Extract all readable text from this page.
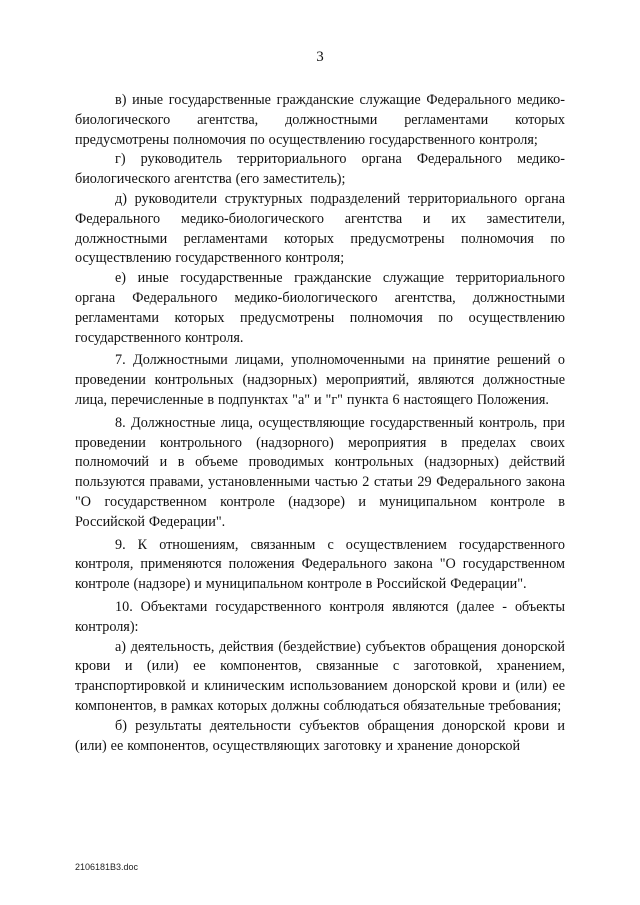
3

в) иные государственные гражданские служащие Федерального медико-биологического агентства, должностными регламентами которых предусмотрены полномочия по осуществлению государственного контроля;

г) руководитель территориального органа Федерального медико-биологического агентства (его заместитель);

д) руководители структурных подразделений территориального органа Федерального медико-биологического агентства и их заместители, должностными регламентами которых предусмотрены полномочия по осуществлению государственного контроля;

е) иные государственные гражданские служащие территориального органа Федерального медико-биологического агентства, должностными регламентами которых предусмотрены полномочия по осуществлению государственного контроля.

7. Должностными лицами, уполномоченными на принятие решений о проведении контрольных (надзорных) мероприятий, являются должностные лица, перечисленные в подпунктах "а" и "г" пункта 6 настоящего Положения.

8. Должностные лица, осуществляющие государственный контроль, при проведении контрольного (надзорного) мероприятия в пределах своих полномочий и в объеме проводимых контрольных (надзорных) действий пользуются правами, установленными частью 2 статьи 29 Федерального закона "О государственном контроле (надзоре) и муниципальном контроле в Российской Федерации".

9. К отношениям, связанным с осуществлением государственного контроля, применяются положения Федерального закона "О государственном контроле (надзоре) и муниципальном контроле в Российской Федерации".

10. Объектами государственного контроля являются (далее - объекты контроля):

а) деятельность, действия (бездействие) субъектов обращения донорской крови и (или) ее компонентов, связанные с заготовкой, хранением, транспортировкой и клиническим использованием донорской крови и (или) ее компонентов, в рамках которых должны соблюдаться обязательные требования;

б) результаты деятельности субъектов обращения донорской крови и (или) ее компонентов, осуществляющих заготовку и хранение донорской

2106181B3.doc
